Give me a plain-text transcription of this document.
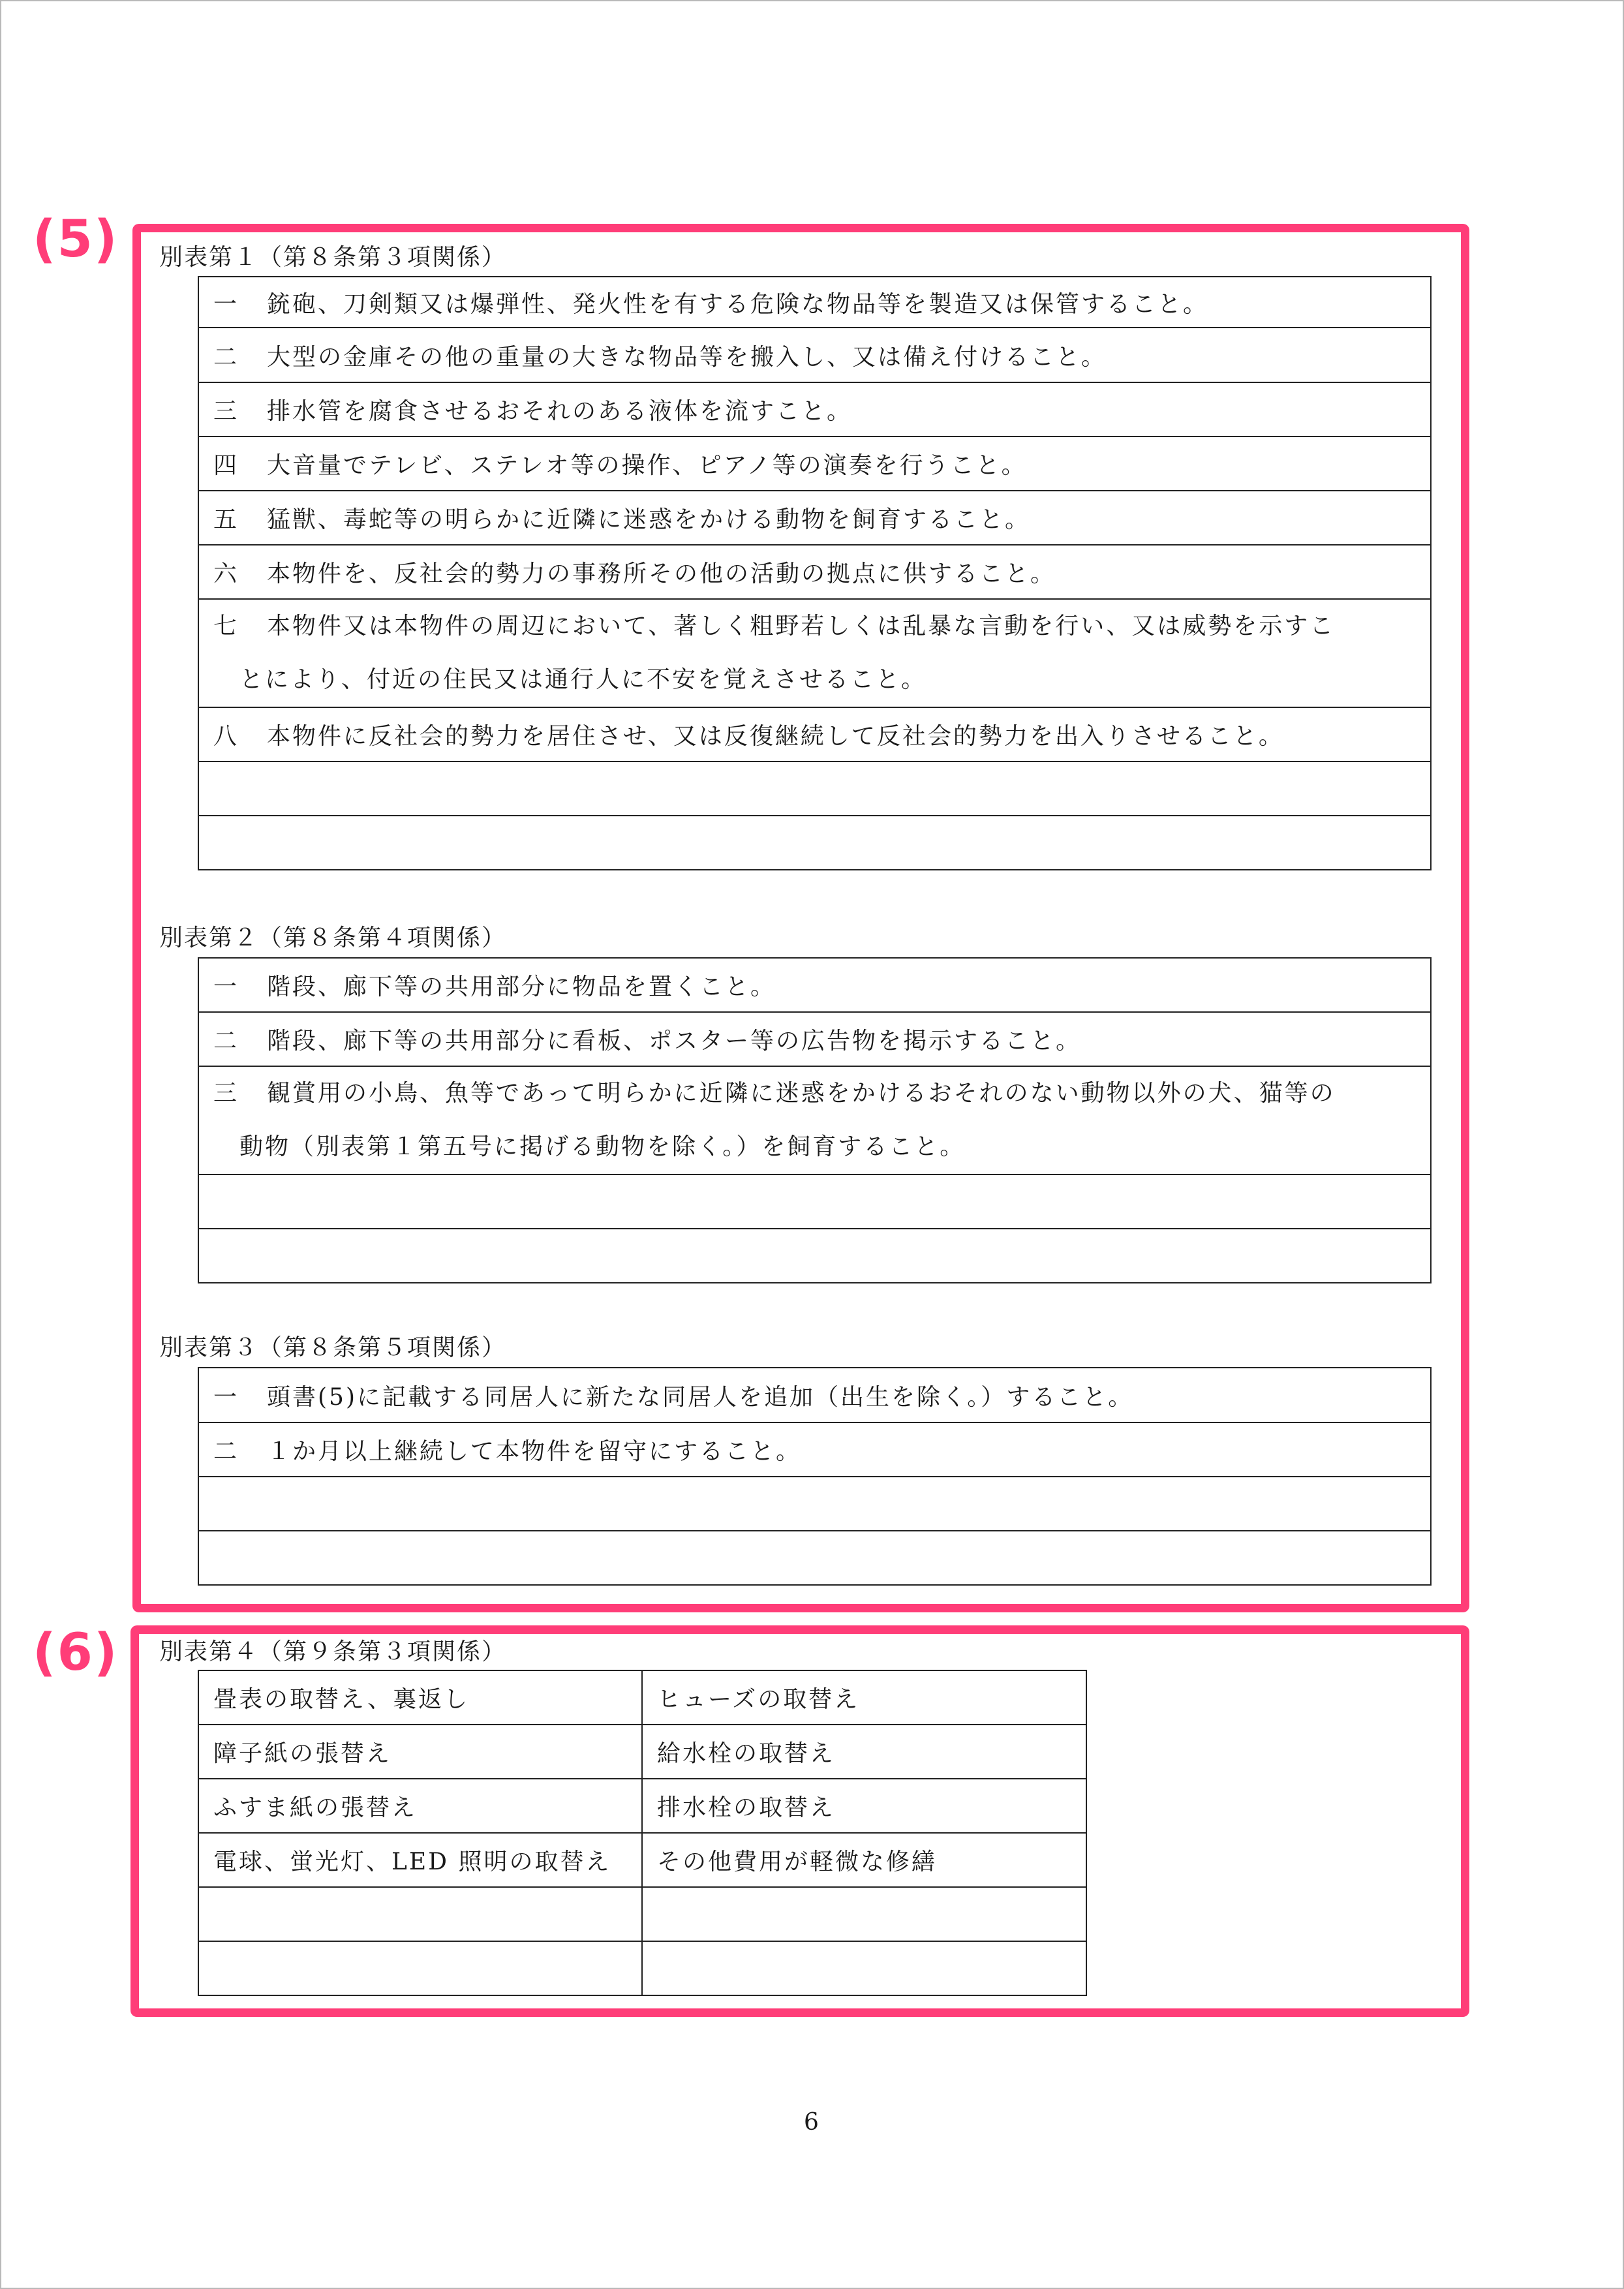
(5) 別表第１（第８条第３項関係）
一 銃砲、刀剣類又は爆弾性、発火性を有する危険な物品等を製造又は保管すること。
二 大型の金庫その他の重量の大きな物品等を搬入し、又は備え付けること。
三 排水管を腐食させるおそれのある液体を流すこと。
四 大音量でテレビ、ステレオ等の操作、ピアノ等の演奏を行うこと。
五 猛獣、毒蛇等の明らかに近隣に迷惑をかける動物を飼育すること。
六 本物件を、反社会的勢力の事務所その他の活動の拠点に供すること。
七 本物件又は本物件の周辺において、著しく粗野若しくは乱暴な言動を行い、又は威勢を示すこ
とにより、付近の住民又は通行人に不安を覚えさせること。
八 本物件に反社会的勢力を居住させ、又は反復継続して反社会的勢力を出入りさせること。

別表第２（第８条第４項関係）
一 階段、廊下等の共用部分に物品を置くこと。
二 階段、廊下等の共用部分に看板、ポスター等の広告物を掲示すること。
三 観賞用の小鳥、魚等であって明らかに近隣に迷惑をかけるおそれのない動物以外の犬、猫等の
動物（別表第１第五号に掲げる動物を除く。）を飼育すること。

別表第３（第８条第５項関係）
一 頭書(5)に記載する同居人に新たな同居人を追加（出生を除く。）すること。
二 １か月以上継続して本物件を留守にすること。

(6) 別表第４（第９条第３項関係）
畳表の取替え、裏返し	ヒューズの取替え
障子紙の張替え	給水栓の取替え
ふすま紙の張替え	排水栓の取替え
電球、蛍光灯、LED 照明の取替え	その他費用が軽微な修繕

6
